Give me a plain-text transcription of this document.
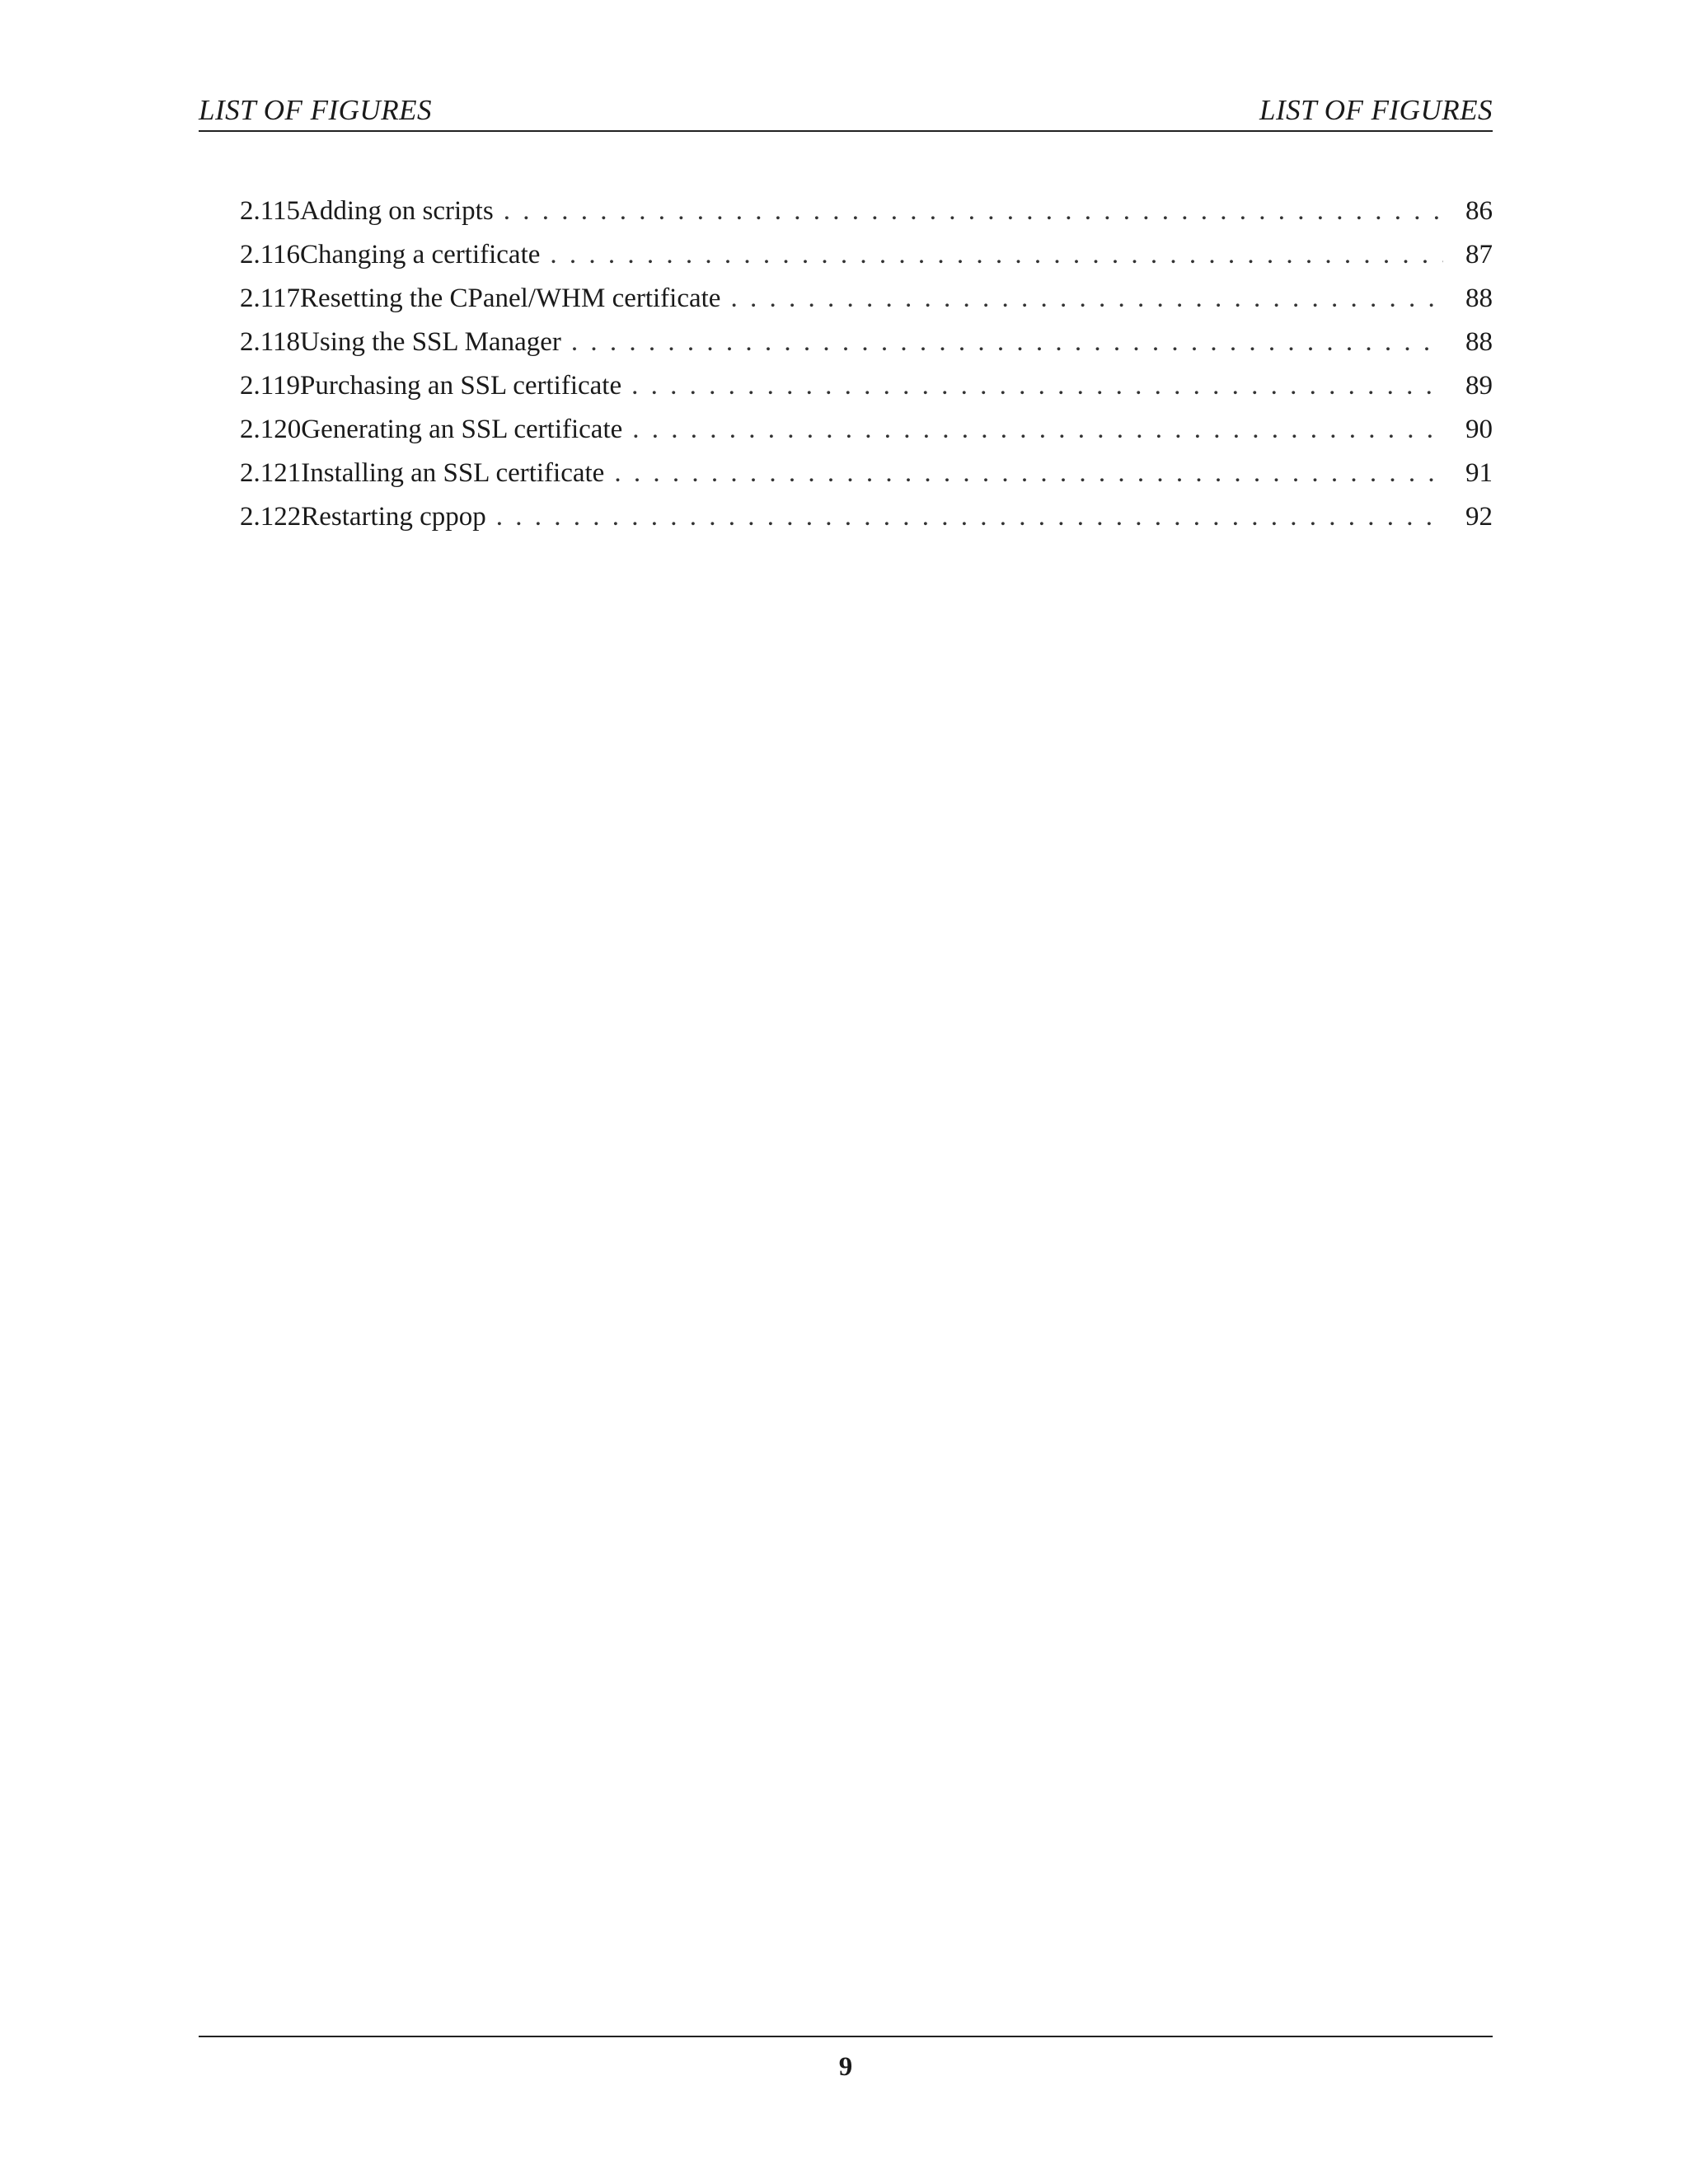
LIST OF FIGURES	LIST OF FIGURES
2.115 Adding on scripts . . .	86
2.116 Changing a certificate . . .	87
2.117 Resetting the CPanel/WHM certificate . . .	88
2.118 Using the SSL Manager . . .	88
2.119 Purchasing an SSL certificate . . .	89
2.120 Generating an SSL certificate . . .	90
2.121 Installing an SSL certificate . . .	91
2.122 Restarting cppop . . .	92
9
